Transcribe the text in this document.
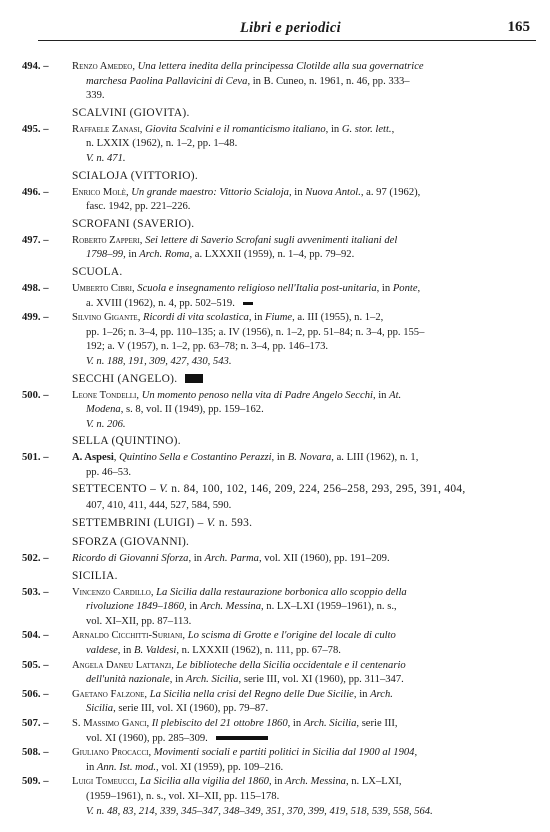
Libri e periodici	165
494. – Renzo Amedeo, Una lettera inedita della principessa Clotilde alla sua governatrice
marchesa Paolina Pallavicini di Ceva, in B. Cuneo, n. 1961, n. 46, pp. 333–
339.
SCALVINI (GIOVITA).
495. – Raffaele Zanasi, Giovita Scalvini e il romanticismo italiano, in G. stor. lett.,
n. LXXIX (1962), n. 1–2, pp. 1–48.
V. n. 471.
SCIALOJA (VITTORIO).
496. – Enrico Molè, Un grande maestro: Vittorio Scialoja, in Nuova Antol., a. 97 (1962),
fasc. 1942, pp. 221–226.
SCROFANI (SAVERIO).
497. – Roberto Zapperi, Sei lettere di Saverio Scrofani sugli avvenimenti italiani del
1798–99, in Arch. Roma, a. LXXXII (1959), n. 1–4, pp. 79–92.
SCUOLA.
498. – Umberto Cibri, Scuola e insegnamento religioso nell'Italia post-unitaria, in Ponte,
a. XVIII (1962), n. 4, pp. 502–519.
499. – Silvino Gigante, Ricordi di vita scolastica, in Fiume, a. III (1955), n. 1–2,
pp. 1–26; n. 3–4, pp. 110–135; a. IV (1956), n. 1–2, pp. 51–84; n. 3–4, pp. 155–
192; a. V (1957), n. 1–2, pp. 63–78; n. 3–4, pp. 146–173.
V. n. 188, 191, 309, 427, 430, 543.
SECCHI (ANGELO).
500. – Leone Tondelli, Un momento penoso nella vita di Padre Angelo Secchi, in At.
Modena, s. 8, vol. II (1949), pp. 159–162.
V. n. 206.
SELLA (QUINTINO).
501. – A. Aspesi, Quintino Sella e Costantino Perazzi, in B. Novara, a. LIII (1962), n. 1,
pp. 46–53.
SETTECENTO – V. n. 84, 100, 102, 146, 209, 224, 256–258, 293, 295, 391, 404,
407, 410, 411, 444, 527, 584, 590.
SETTEMBRINI (LUIGI) – V. n. 593.
SFORZA (GIOVANNI).
502. – Ricordo di Giovanni Sforza, in Arch. Parma, vol. XII (1960), pp. 191–209.
SICILIA.
503. – Vincenzo Cardillo, La Sicilia dalla restaurazione borbonica allo scoppio della
rivoluzione 1849–1860, in Arch. Messina, n. LX–LXI (1959–1961), n. s.,
vol. XI–XII, pp. 87–113.
504. – Arnaldo Cicchitti-Suriani, Lo scisma di Grotte e l'origine del locale di culto
valdese, in B. Valdesi, n. LXXXII (1962), n. 111, pp. 67–78.
505. – Angela Daneu Lattanzi, Le biblioteche della Sicilia occidentale e il centenario
dell'unità nazionale, in Arch. Sicilia, serie III, vol. XI (1960), pp. 311–347.
506. – Gaetano Falzone, La Sicilia nella crisi del Regno delle Due Sicilie, in Arch.
Sicilia, serie III, vol. XI (1960), pp. 79–87.
507. – S. Massimo Ganci, Il plebiscito del 21 ottobre 1860, in Arch. Sicilia, serie III,
vol. XI (1960), pp. 285–309.
508. – Giuliano Procacci, Movimenti sociali e partiti politici in Sicilia dal 1900 al 1904,
in Ann. Ist. mod., vol. XI (1959), pp. 109–216.
509. – Luigi Tomeucci, La Sicilia alla vigilia del 1860, in Arch. Messina, n. LX–LXI,
(1959–1961), n. s., vol. XI–XII, pp. 115–178.
V. n. 48, 83, 214, 339, 345–347, 348–349, 351, 370, 399, 419, 518, 539, 558, 564.
